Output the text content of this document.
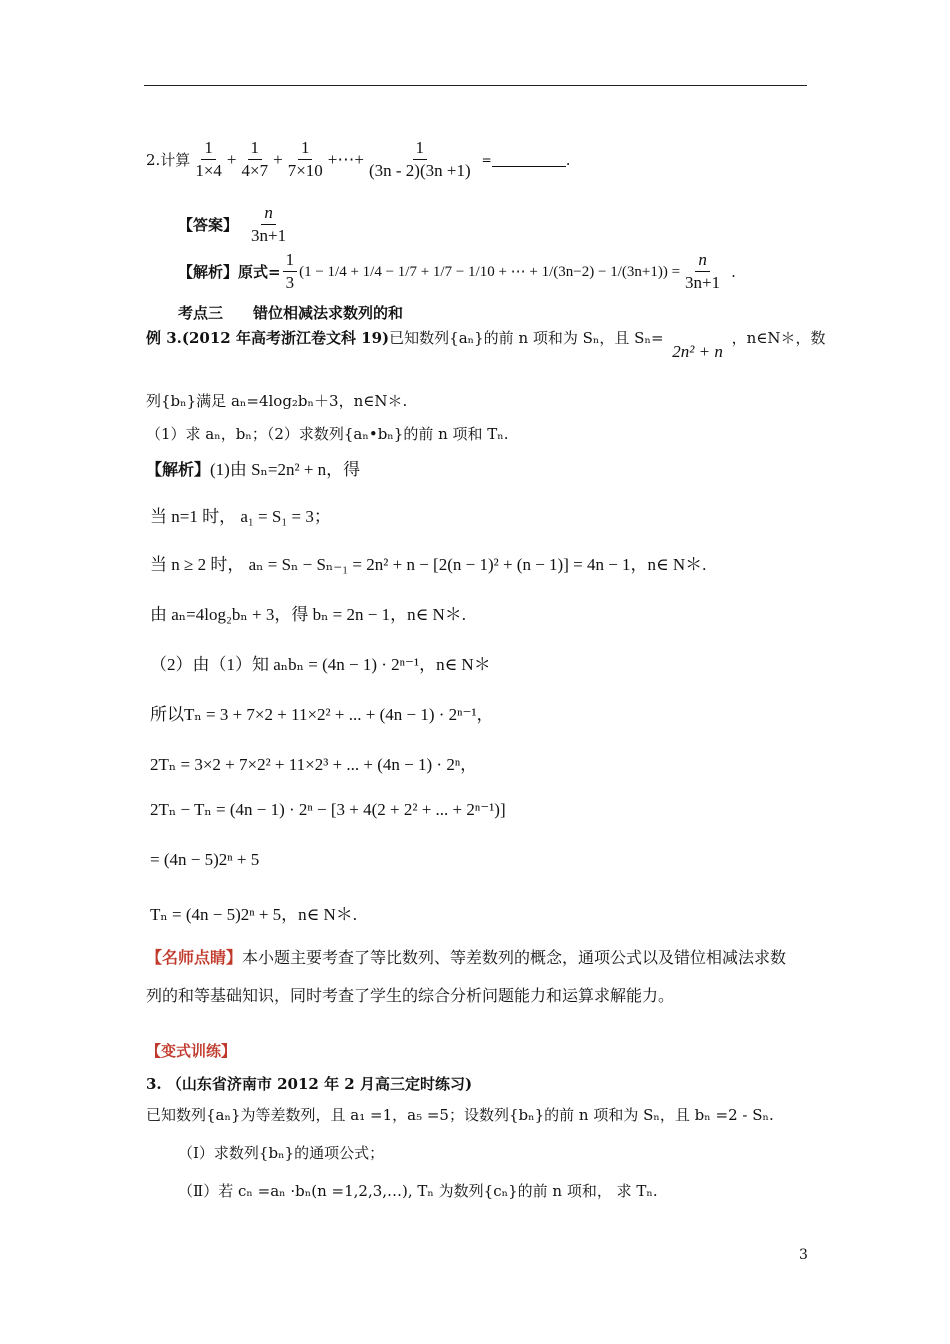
2.计算 $\frac{1}{1\times 4} + \frac{1}{4\times 7} + \frac{1}{7\times 10}$ +⋯+ $\frac{1}{(3n - 2)(3n +1)}$ =	.
【答案】 $\frac{n}{3n+1}$
【解析】 原式= $\frac{1}{3} (1 - 1/4 + 1/4 - 1/7 + 1/7 - 1/10$ + ⋯ + $1/(3n-2) - 1/(3n+1)) = \frac{n}{3n+1}$ .
考点三　　错位相减法求数列的和
例 3.(2012 年高考浙江卷文科 19)已知数列{aₙ}的前 n 项和为 Sₙ，且 Sₙ= 2n² + n ，n∈N＊，数
列{bₙ}满足 aₙ=4log₂bₙ＋3，n∈N＊.
（1）求 aₙ，bₙ；（2）求数列{aₙ•bₙ}的前 n 项和 Tₙ.
【解析】(1)由 Sₙ=2n² + n，得
当 n=1 时， a₁ = S₁ = 3；
当 n ≥ 2 时， aₙ = Sₙ − Sₙ₋₁ = 2n² + n − [2(n − 1)² + (n − 1)] = 4n − 1，n∈ N＊.
由 aₙ=4log₂bₙ + 3，得 bₙ = 2n − 1，n∈ N＊.
（2）由（1）知 aₙbₙ = (4n − 1) · 2ⁿ⁻¹，n∈ N＊
所以Tₙ = 3 + 7×2 + 11×2² + ... + (4n − 1) · 2ⁿ⁻¹，
2Tₙ = 3×2 + 7×2² + 11×2³ + ... + (4n − 1) · 2ⁿ，
2Tₙ − Tₙ = (4n − 1) · 2ⁿ − [3 + 4(2 + 2² + ... + 2ⁿ⁻¹)]
= (4n − 5)2ⁿ + 5
Tₙ = (4n − 5)2ⁿ + 5，n∈ N＊.
【名师点睛】本小题主要考查了等比数列、等差数列的概念，通项公式以及错位相减法求数
列的和等基础知识，同时考查了学生的综合分析问题能力和运算求解能力。
【变式训练】
3. （山东省济南市 2012 年 2 月高三定时练习)
已知数列{aₙ}为等差数列，且 a₁ =1，a₅ =5；设数列{bₙ}的前 n 项和为 Sₙ，且 bₙ =2 - Sₙ.
（Ⅰ）求数列{bₙ}的通项公式；
（Ⅱ）若 cₙ =aₙ ·bₙ(n =1,2,3,…), Tₙ 为数列{cₙ}的前 n 项和， 求 Tₙ.
3
